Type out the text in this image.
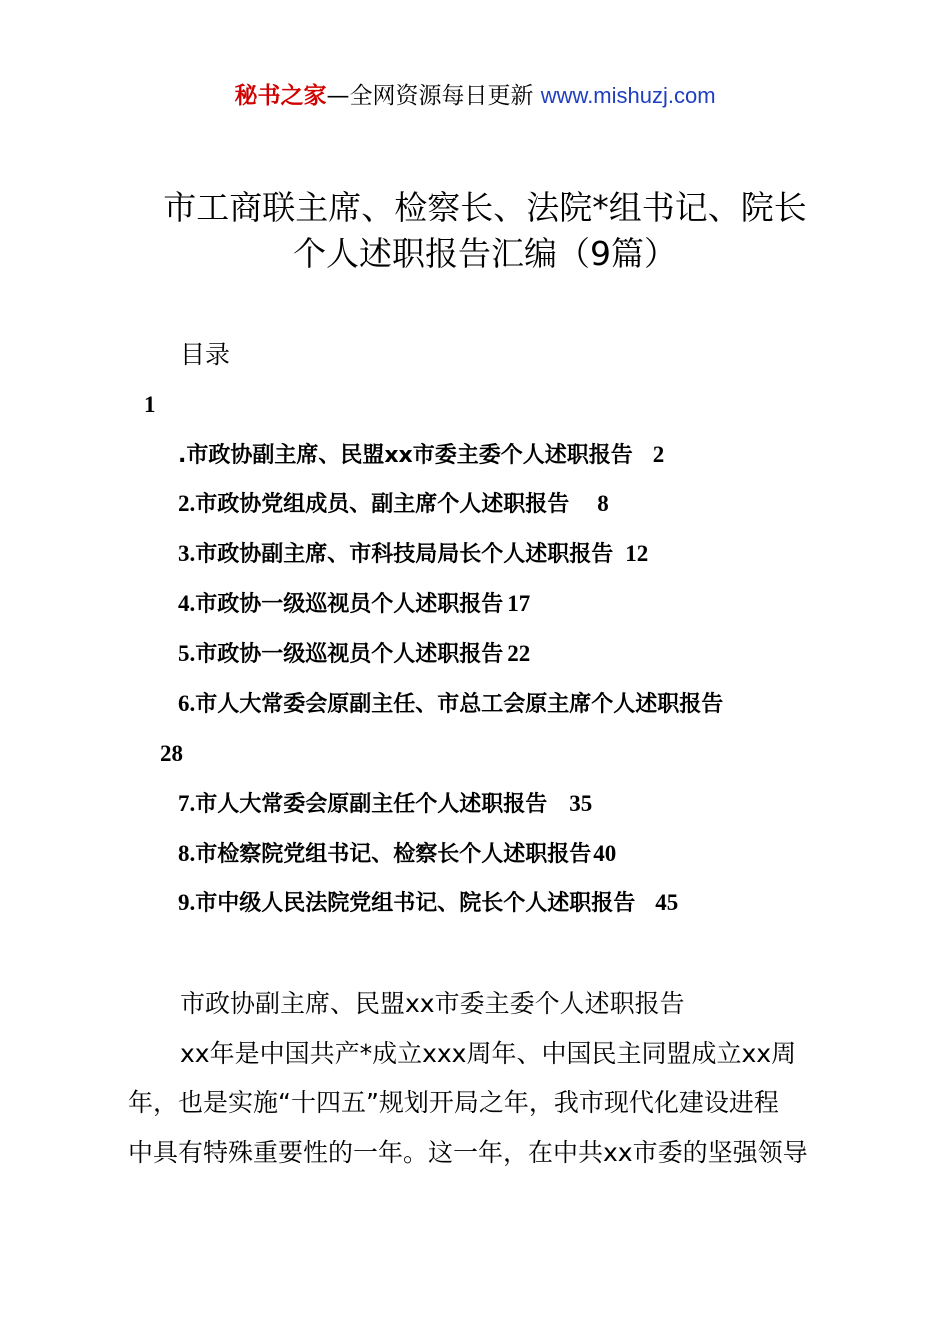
秘书之家—全网资源每日更新 www.mishuzj.com
市工商联主席、检察长、法院*组书记、院长
个人述职报告汇编（9篇）
目录
1
.市政协副主席、民盟xx市委主委个人述职报告 2
2.市政协党组成员、副主席个人述职报告 8
3.市政协副主席、市科技局局长个人述职报告 12
4.市政协一级巡视员个人述职报告 17
5.市政协一级巡视员个人述职报告 22
6.市人大常委会原副主任、市总工会原主席个人述职报告
28
7.市人大常委会原副主任个人述职报告 35
8.市检察院党组书记、检察长个人述职报告40
9.市中级人民法院党组书记、院长个人述职报告 45
市政协副主席、民盟xx市委主委个人述职报告
xx年是中国共产*成立xxx周年、中国民主同盟成立xx周
年，也是实施“十四五”规划开局之年，我市现代化建设进程
中具有特殊重要性的一年。这一年，在中共xx市委的坚强领导
